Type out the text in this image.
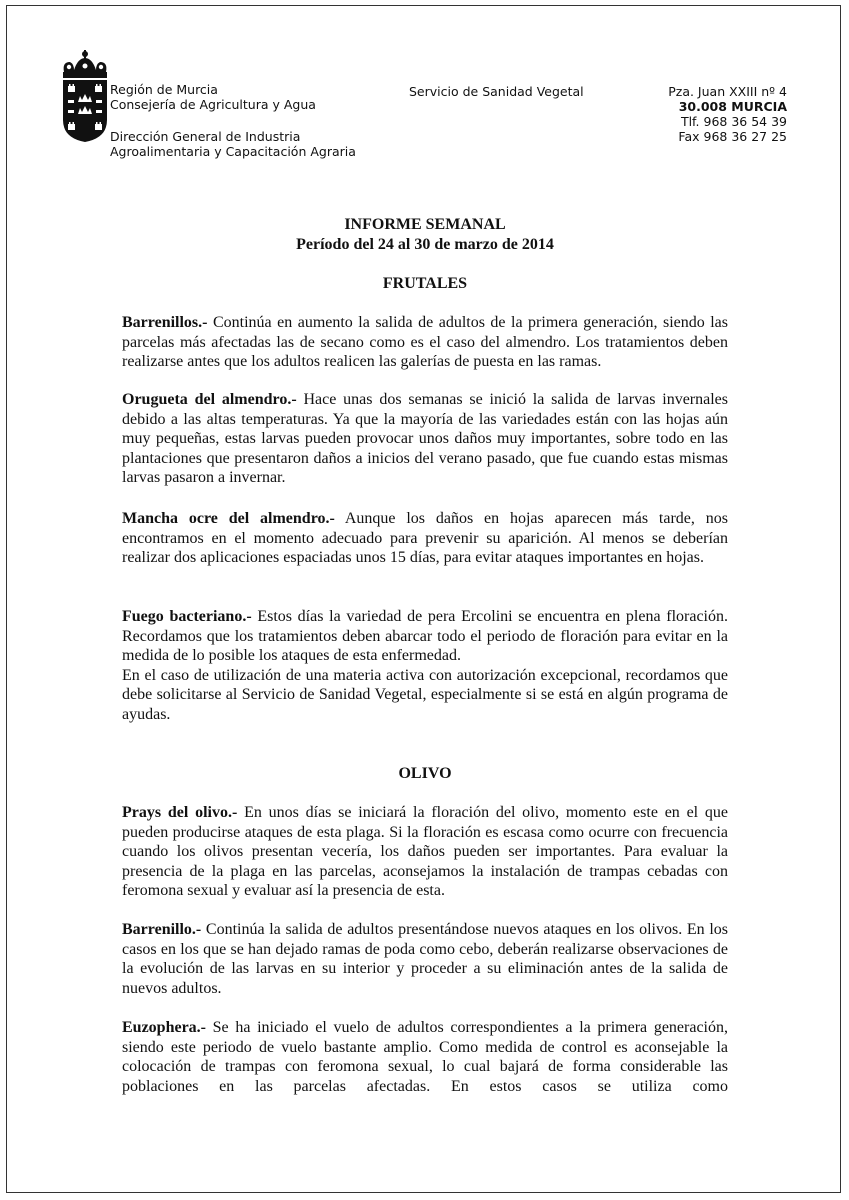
Región de Murcia
Consejería de Agricultura y Agua
Dirección General de Industria
Agroalimentaria y Capacitación Agraria
Servicio de Sanidad Vegetal	Pza. Juan XXIII nº 4
30.008 MURCIA
Tlf. 968 36 54 39
Fax 968 36 27 25
INFORME SEMANAL
Período del 24 al 30 de marzo de 2014
FRUTALES
Barrenillos.- Continúa en aumento la salida de adultos de la primera generación, siendo las parcelas más afectadas las de secano como es el caso del almendro. Los tratamientos deben realizarse antes que los adultos realicen las galerías de puesta en las ramas.
Orugueta del almendro.- Hace unas dos semanas se inició la salida de larvas invernales debido a las altas temperaturas. Ya que la mayoría de las variedades están con las hojas aún muy pequeñas, estas larvas pueden provocar unos daños muy importantes, sobre todo en las plantaciones que presentaron daños a inicios del verano pasado, que fue cuando estas mismas larvas pasaron a invernar.
Mancha ocre del almendro.- Aunque los daños en hojas aparecen más tarde, nos encontramos en el momento adecuado para prevenir su aparición. Al menos se deberían realizar dos aplicaciones espaciadas unos 15 días, para evitar ataques importantes en hojas.
Fuego bacteriano.- Estos días la variedad de pera Ercolini se encuentra en plena floración. Recordamos que los tratamientos deben abarcar todo el periodo de floración para evitar en la medida de lo posible los ataques de esta enfermedad.
En el caso de utilización de una materia activa con autorización excepcional, recordamos que debe solicitarse al Servicio de Sanidad Vegetal, especialmente si se está en algún programa de ayudas.
OLIVO
Prays del olivo.- En unos días se iniciará la floración del olivo, momento este en el que pueden producirse ataques de esta plaga. Si la floración es escasa como ocurre con frecuencia cuando los olivos presentan vecería, los daños pueden ser importantes. Para evaluar la presencia de la plaga en las parcelas, aconsejamos la instalación de trampas cebadas con feromona sexual y evaluar así la presencia de esta.
Barrenillo.- Continúa la salida de adultos presentándose nuevos ataques en los olivos. En los casos en los que se han dejado ramas de poda como cebo, deberán realizarse observaciones de la evolución de las larvas en su interior y proceder a su eliminación antes de la salida de nuevos adultos.
Euzophera.- Se ha iniciado el vuelo de adultos correspondientes a la primera generación, siendo este periodo de vuelo bastante amplio. Como medida de control es aconsejable la colocación de trampas con feromona sexual, lo cual bajará de forma considerable las poblaciones en las parcelas afectadas. En estos casos se utiliza como
